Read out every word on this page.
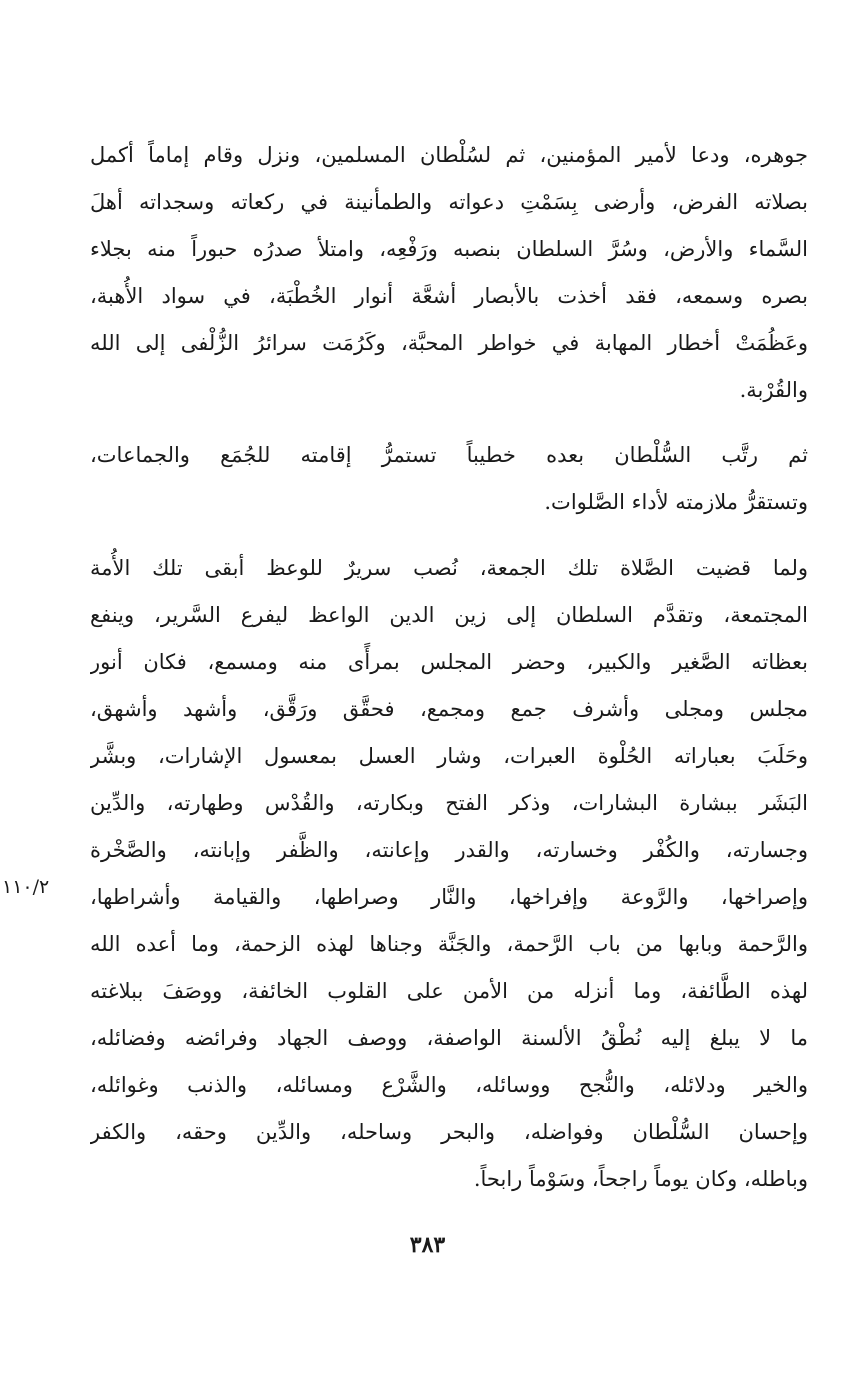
جوهره، ودعا لأمير المؤمنين، ثم لسُلْطان المسلمين، ونزل وقام إماماً أكمل
بصلاته الفرض، وأرضى بِسَمْتِ دعواته والطمأنينة في ركعاته وسجداته أهلَ
السَّماء والأرض، وسُرَّ السلطان بنصبه ورَفْعِه، وامتلأ صدرُه حبوراً منه بجلاء
بصره وسمعه، فقد أخذت بالأبصار أشعَّة أنوار الخُطْبَة، في سواد الأُهبة،
وعَظُمَتْ أخطار المهابة في خواطر المحبَّة، وكَرُمَت سرائرُ الزُّلْفى إلى الله
والقُرْبة.
ثم رتَّب السُّلْطان بعده خطيباً تستمرُّ إقامته للجُمَع والجماعات،
وتستقرُّ ملازمته لأداء الصَّلوات.
ولما قضيت الصَّلاة تلك الجمعة، نُصب سريرٌ للوعظ أبقى تلك الأُمة
المجتمعة، وتقدَّم السلطان إلى زين الدين الواعظ ليفرع السَّرير، وينفع
بعظاته الصَّغير والكبير، وحضر المجلس بمرأًى منه ومسمع، فكان أنور
مجلس ومجلى وأشرف جمع ومجمع، فحقَّق ورَقَّق، وأشهد وأشهق،
وحَلَبَ بعباراته الحُلْوة العبرات، وشار العسل بمعسول الإشارات، وبشَّر
البَشَر ببشارة البشارات، وذكر الفتح وبكارته، والقُدْس وطهارته، والدِّين
وجسارته، والكُفْر وخسارته، والقدر وإعانته، والظَّفر وإبانته، والصَّخْرة
وإصراخها، والرَّوعة وإفراخها، والنَّار وصراطها، والقيامة وأشراطها،
والرَّحمة وبابها من باب الرَّحمة، والجَنَّة وجناها لهذه الزحمة، وما أعده الله
لهذه الطَّائفة، وما أنزله من الأمن على القلوب الخائفة، ووصَفَ ببلاغته
ما لا يبلغ إليه نُطْقُ الألسنة الواصفة، ووصف الجهاد وفرائضه وفضائله،
والخير ودلائله، والنُّجح ووسائله، والشَّرْع ومسائله، والذنب وغوائله،
وإحسان السُّلْطان وفواضله، والبحر وساحله، والدِّين وحقه، والكفر
وباطله، وكان يوماً راجحاً، وسَوْماً رابحاً.
١١٠/٢
٣٨٣
